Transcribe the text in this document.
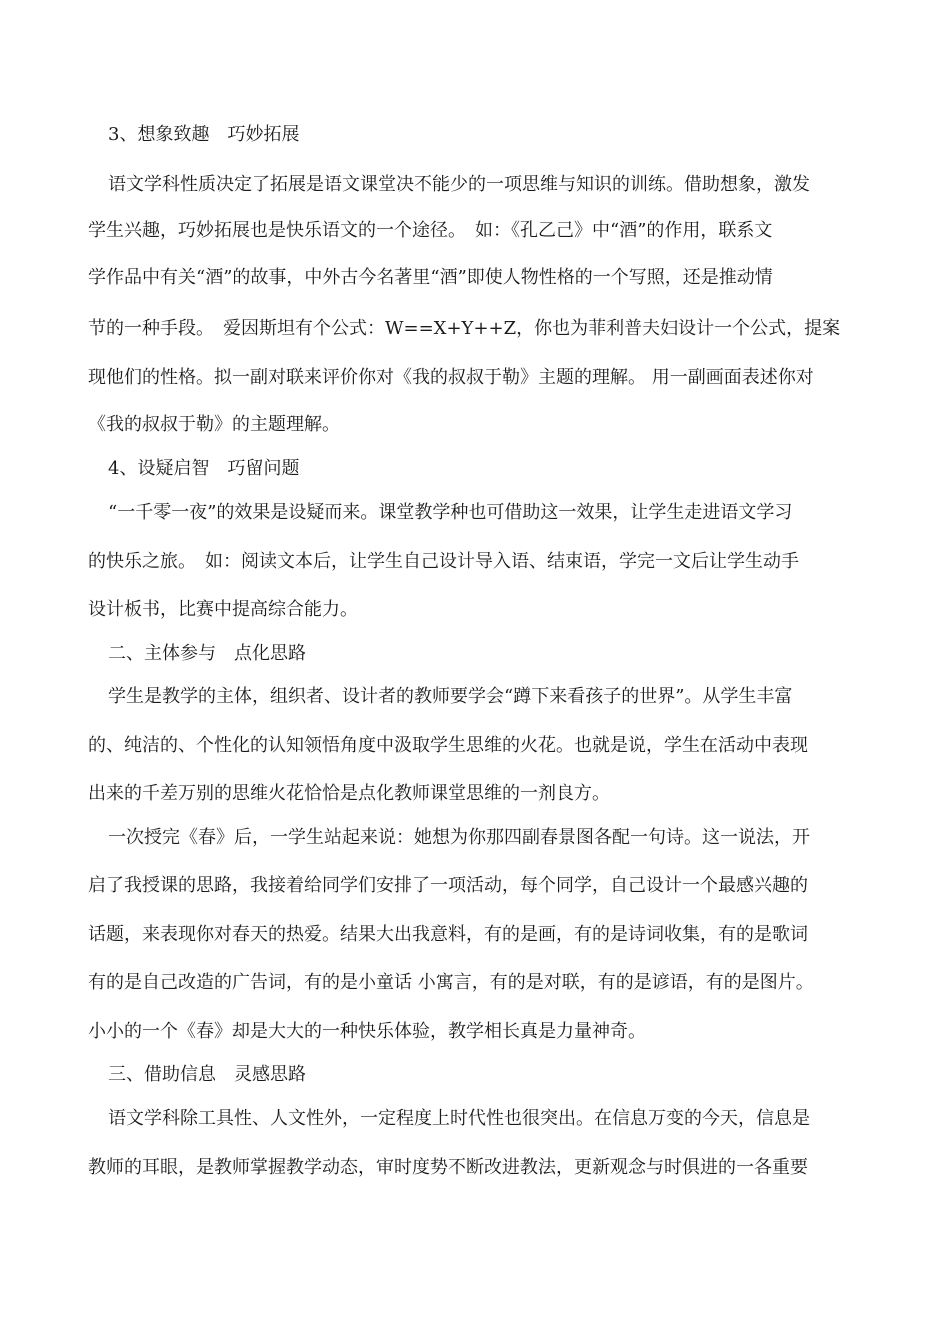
3、想象致趣　巧妙拓展
语文学科性质决定了拓展是语文课堂决不能少的一项思维与知识的训练。借助想象，激发
学生兴趣，巧妙拓展也是快乐语文的一个途径。　如：《孔乙己》中“酒”的作用，联系文
学作品中有关“酒”的故事，中外古今名著里“酒”即使人物性格的一个写照，还是推动情
节的一种手段。　爱因斯坦有个公式：W==X+Y++Z，你也为菲利普夫妇设计一个公式，提案
现他们的性格。拟一副对联来评价你对《我的叔叔于勒》主题的理解。 用一副画面表述你对
《我的叔叔于勒》的主题理解。
4、设疑启智　巧留问题
“一千零一夜”的效果是设疑而来。课堂教学种也可借助这一效果，让学生走进语文学习
的快乐之旅。　如：阅读文本后，让学生自己设计导入语、结束语，学完一文后让学生动手
设计板书，比赛中提高综合能力。
二、主体参与　点化思路
学生是教学的主体，组织者、设计者的教师要学会“蹲下来看孩子的世界”。从学生丰富
的、纯洁的、个性化的认知领悟角度中汲取学生思维的火花。也就是说，学生在活动中表现
出来的千差万别的思维火花恰恰是点化教师课堂思维的一剂良方。
一次授完《春》后，一学生站起来说：她想为你那四副春景图各配一句诗。这一说法，开
启了我授课的思路，我接着给同学们安排了一项活动，每个同学，自己设计一个最感兴趣的
话题，来表现你对春天的热爱。结果大出我意料，有的是画，有的是诗词收集，有的是歌词
有的是自己改造的广告词，有的是小童话 小寓言，有的是对联，有的是谚语，有的是图片。
小小的一个《春》却是大大的一种快乐体验，教学相长真是力量神奇。
三、借助信息　灵感思路
语文学科除工具性、人文性外，一定程度上时代性也很突出。在信息万变的今天，信息是
教师的耳眼，是教师掌握教学动态，审时度势不断改进教法，更新观念与时俱进的一各重要
